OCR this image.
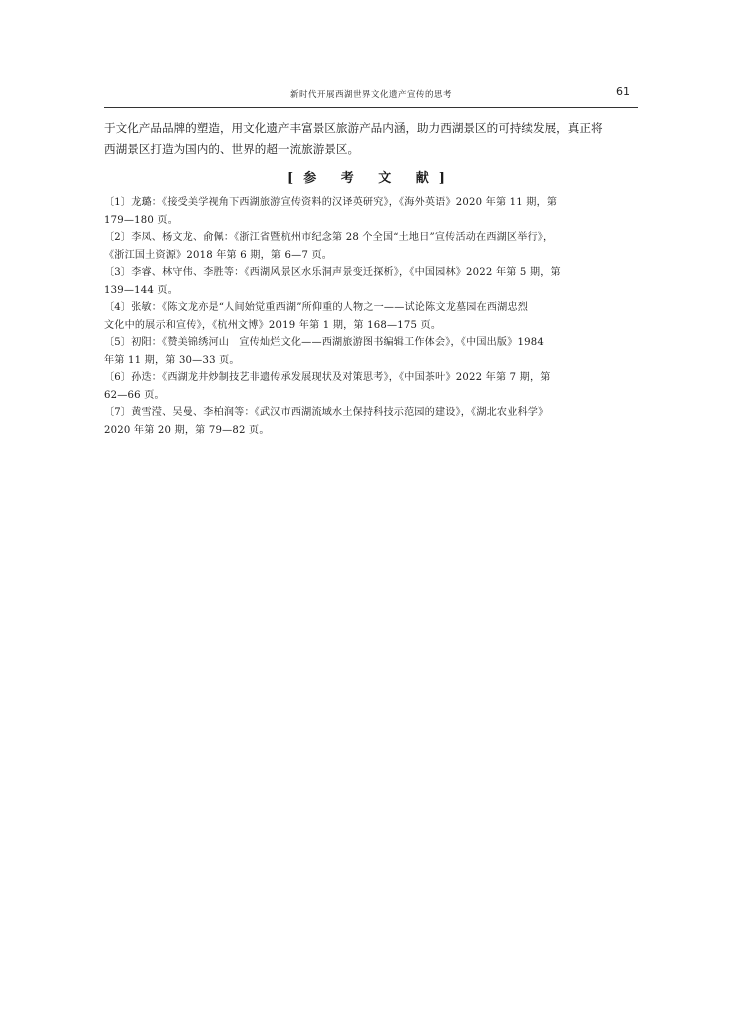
新时代开展西湖世界文化遗产宣传的思考	61

于文化产品品牌的塑造，用文化遗产丰富景区旅游产品内涵，助力西湖景区的可持续发展，真正将
西湖景区打造为国内的、世界的超一流旅游景区。

[参 考 文 献]
〔1〕龙璐：《接受美学视角下西湖旅游宣传资料的汉译英研究》，《海外英语》2020 年第 11 期，第
179—180 页。
〔2〕李凤、杨文龙、俞佩：《浙江省暨杭州市纪念第 28 个全国“土地日”宣传活动在西湖区举行》，
《浙江国土资源》2018 年第 6 期，第 6—7 页。
〔3〕李睿、林守伟、李胜等：《西湖风景区水乐洞声景变迁探析》，《中国园林》2022 年第 5 期，第
139—144 页。
〔4〕张敏：《陈文龙亦是“人间始觉重西湖”所仰重的人物之一——试论陈文龙墓园在西湖忠烈
文化中的展示和宣传》，《杭州文博》2019 年第 1 期，第 168—175 页。
〔5〕初阳：《赞美锦绣河山　宣传灿烂文化——西湖旅游图书编辑工作体会》，《中国出版》1984
年第 11 期，第 30—33 页。
〔6〕孙迭：《西湖龙井炒制技艺非遗传承发展现状及对策思考》，《中国茶叶》2022 年第 7 期，第
62—66 页。
〔7〕黄雪滢、吴曼、李柏润等：《武汉市西湖流域水土保持科技示范园的建设》，《湖北农业科学》
2020 年第 20 期，第 79—82 页。
